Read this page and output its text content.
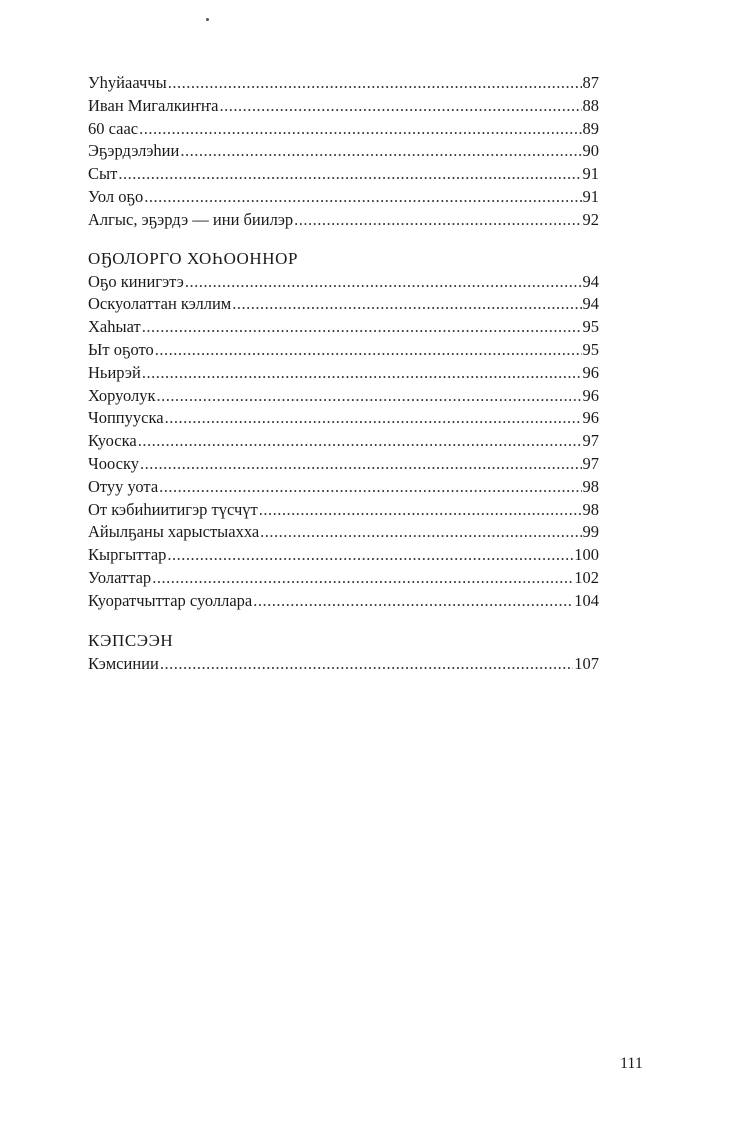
Уһуйааччы .....	87
Иван Мигалкиҥҥа .....	88
60 саас .....	89
Эҕэрдэлэһии .....	90
Сыт .....	91
Уол оҕо .....	91
Алгыс, эҕэрдэ — ини биилэр .....	92
ОҔОЛОРГО ХОҺООННОР
Оҕо кинигэтэ .....	94
Оскуолаттан кэллим .....	94
Хаһыат .....	95
Ыт оҕото .....	95
Ньирэй .....	96
Хоруолук .....	96
Чоппууска .....	96
Куоска .....	97
Чооску .....	97
Отуу уота .....	98
От кэбиһиитигэр түсчүт .....	98
Айылҕаны харыстыахха .....	99
Кыргыттар .....	100
Уолаттар .....	102
Куоратчыттар суоллара .....	104
КЭПСЭЭН
Кэмсинии .....	107
111
